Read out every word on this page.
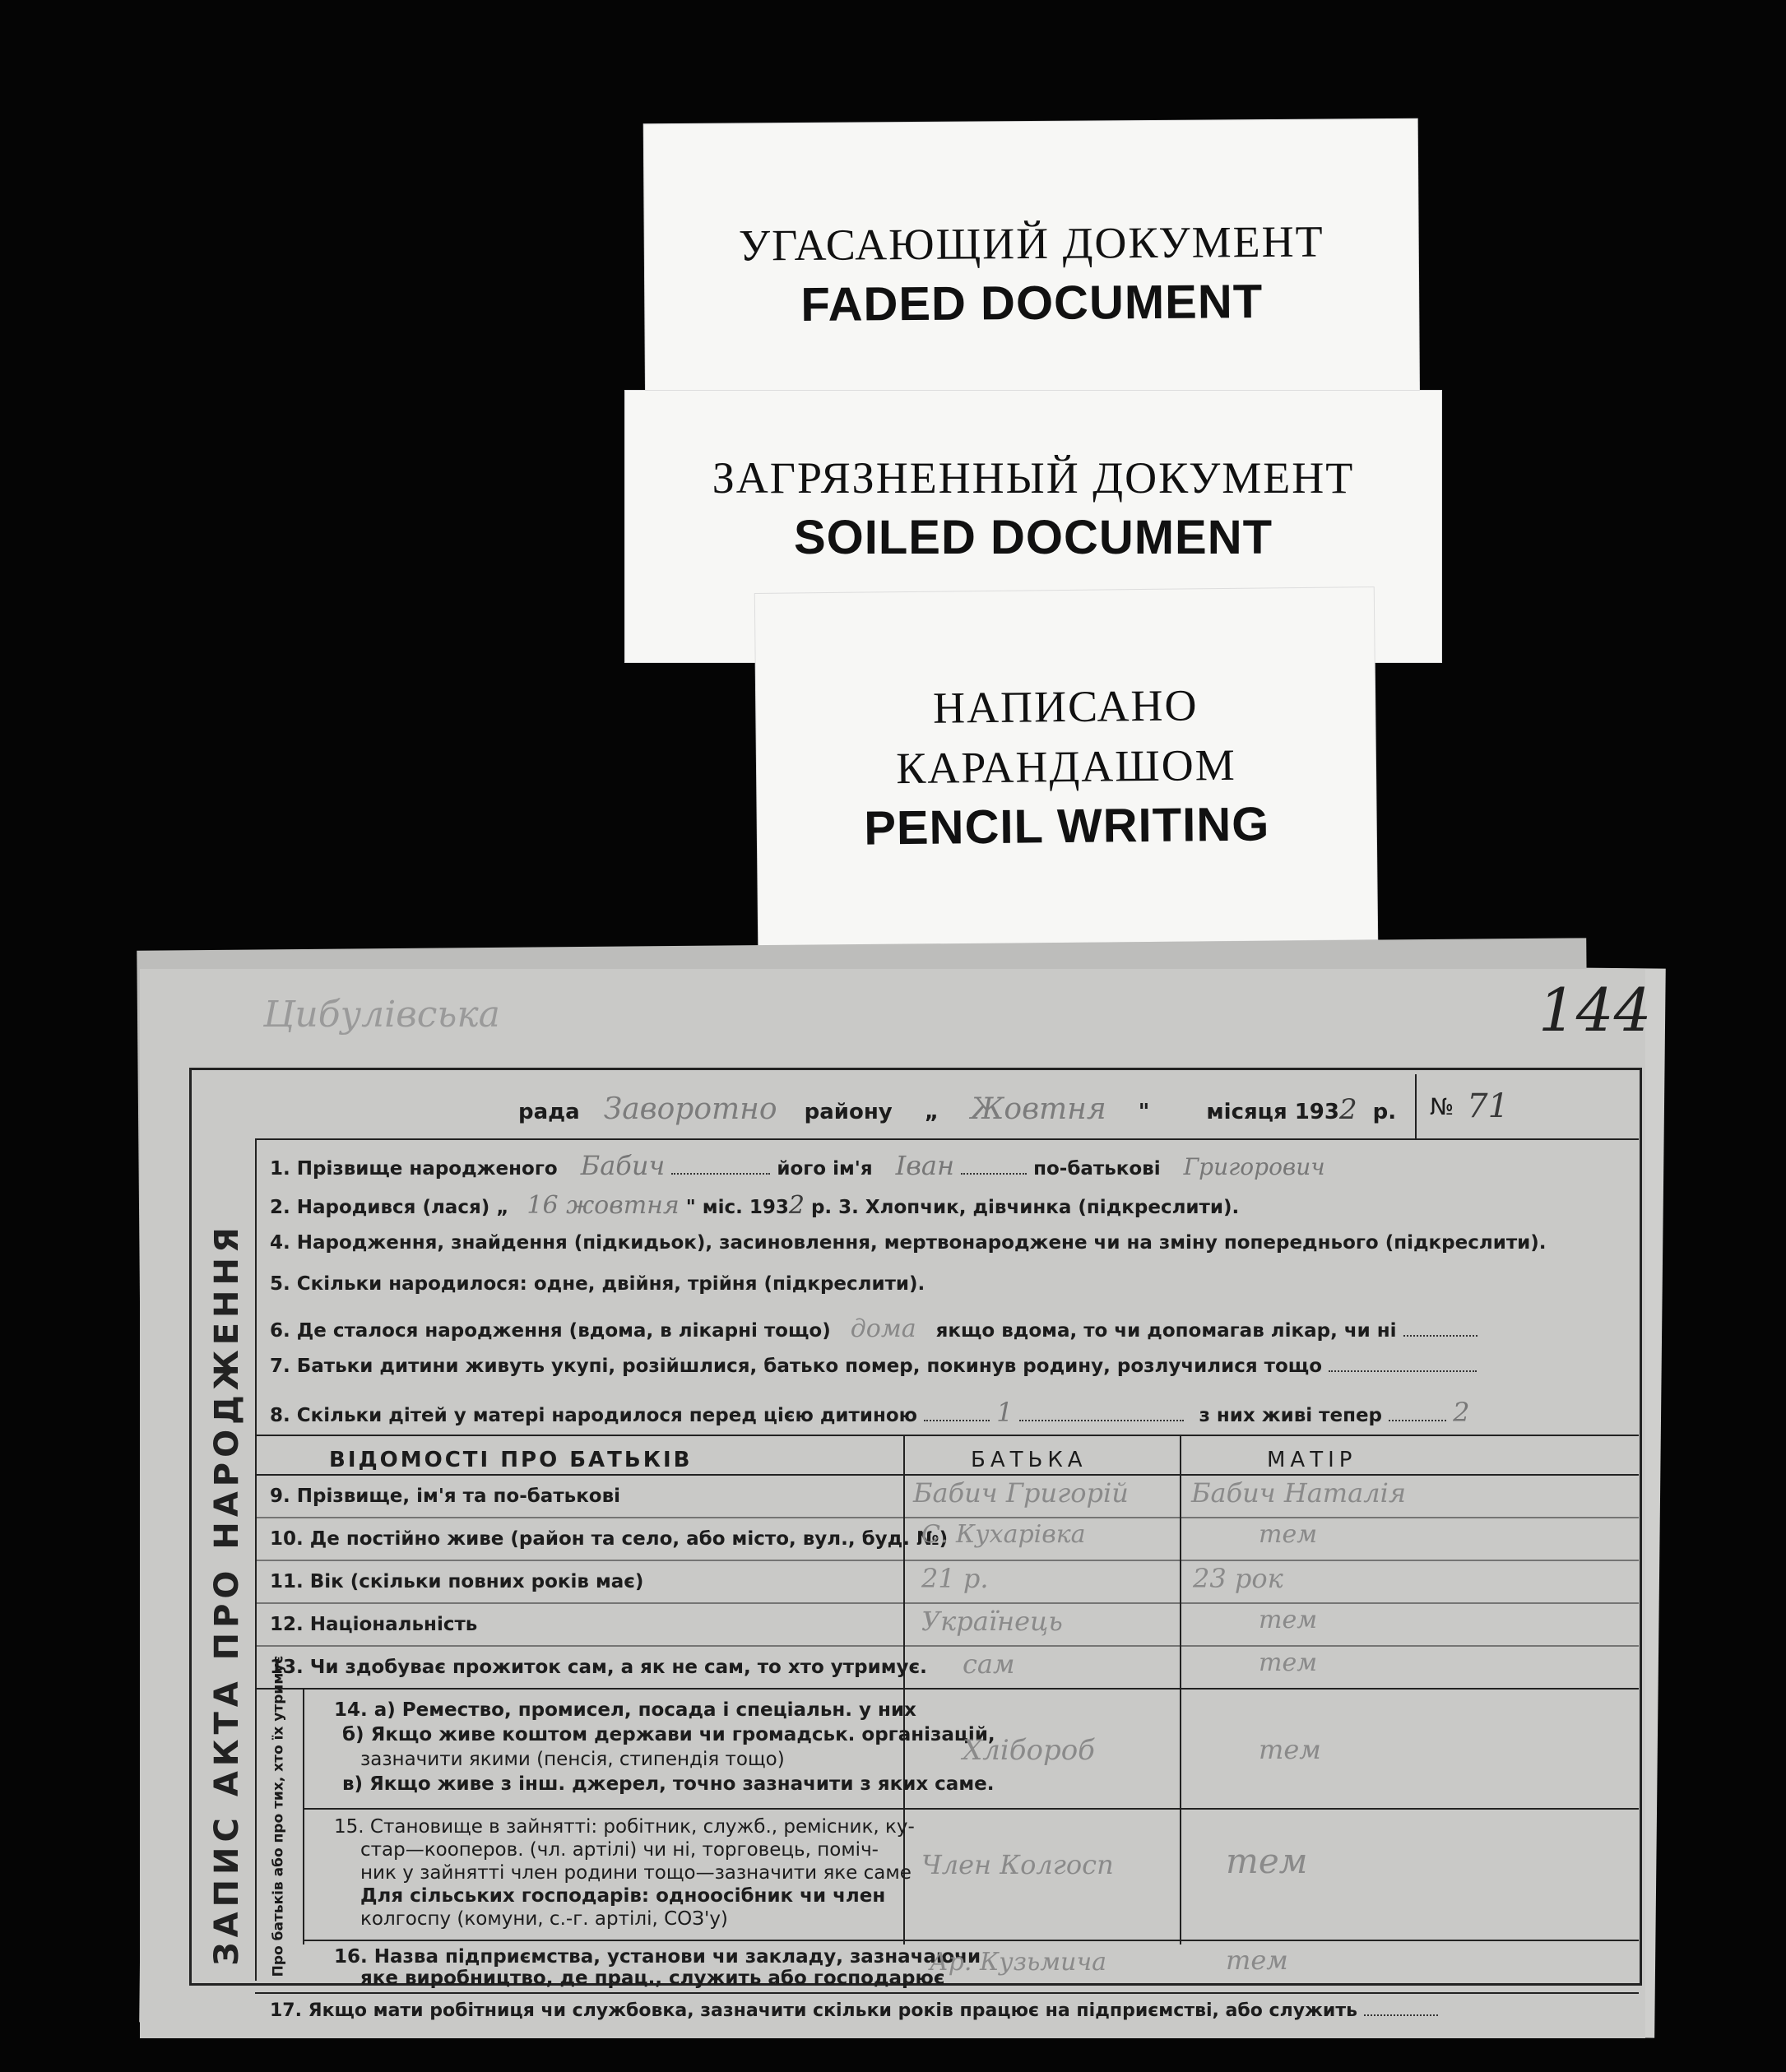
УГАСАЮЩИЙ ДОКУМЕНТ
FADED DOCUMENT
ЗАГРЯЗНЕННЫЙ ДОКУМЕНТ
SOILED DOCUMENT
НАПИСАНО
КАРАНДАШОМ
PENCIL WRITING
144
Цибулівська
рада Заворотно району „ Жовтня "	місяця 1932 р. № 71
ЗАПИС АКТА ПРО НАРОДЖЕННЯ
1. Прізвище народженого Бабич	його ім'я Іван	по-батькові Григорович
2. Народився (лася) „ 16 жовтня " міс. 1932 р. 3. Хлопчик, дівчинка (підкреслити).
4. Народження, знайдення (підкидьок), засиновлення, мертвонароджене чи на зміну попереднього (підкреслити).
5. Скільки народилося: одне, двійня, трійня (підкреслити).
6. Де сталося народження (вдома, в лікарні тощо) дома якщо вдома, то чи допомагав лікар, чи ні
7. Батьки дитини живуть укупі, розійшлися, батько помер, покинув родину, розлучилися тощо
8. Скільки дітей у матері народилося перед цією дитиною	1	з них живі тепер	2
ВІДОМОСТІ ПРО БАТЬКІВ	БАТЬКА	МАТІР
9. Прізвище, ім'я та по-батькові	Бабич Григорій Бабич Наталія
10. Де постійно живе (район та село, або місто, вул., буд. №)
С. Кухарівка	тем
11. Вік (скільки повних років має)	21 р.	23 рок
12. Національність	Українець	тем
13. Чи здобуває прожиток сам, а як не сам, то хто утримує. сам	тем
Про батьків або про тих, хто їх утримує	14. а) Ремество, промисел, посада і спеціальн. у них
б) Якщо живе коштом держави чи громадськ. організацій,
зазначити якими (пенсія, стипендія тощо)
в) Якщо живе з інш. джерел, точно зазначити з яких саме.
Хлібороб	тем
15. Становище в зайнятті: робітник, служб., ремісник, ку-
стар—кооперов. (чл. артілі) чи ні, торговець, поміч-
ник у зайнятті член родини тощо—зазначити яке саме
Для сільських господарів: одноосібник чи член
колгоспу (комуни, с.-г. артілі, СОЗ'у)
Член Колгосп	тем
16. Назва підприємства, установи чи закладу, зазначаючи
яке виробництво, де прац., служить або господарює
Ар. Кузьмича	тем
17. Якщо мати робітниця чи службовка, зазначити скільки років працює на підприємстві, або служить
